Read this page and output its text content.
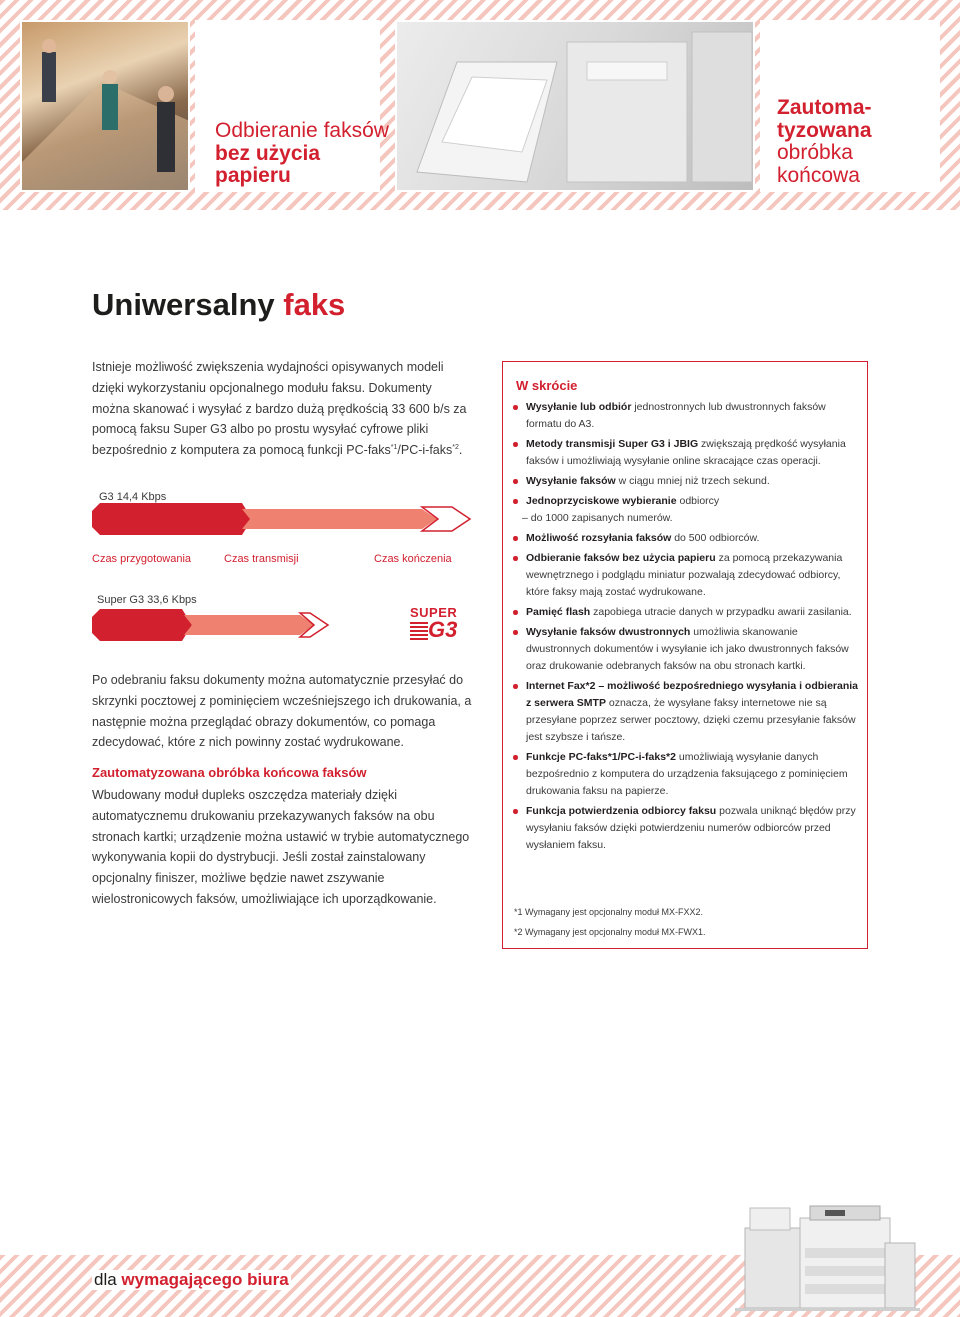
Odbieranie faksów
bez użycia
papieru
Zautoma-
tyzowana
obróbka
końcowa
Uniwersalny faks

Istnieje możliwość zwiększenia wydajności opisywanych modeli dzięki wykorzystaniu opcjonalnego modułu faksu. Dokumenty można skanować i wysyłać z bardzo dużą prędkością 33 600 b/s za pomocą faksu Super G3 albo po prostu wysyłać cyfrowe pliki bezpośrednio z komputera za pomocą funkcji PC-faks$^{*1}$/PC-i-faks$^{*2}$.

G3 14,4 Kbps
Czas przygotowania	Czas transmisji	Czas kończenia
Super G3 33,6 Kbps
SUPER
G3

Po odebraniu faksu dokumenty można automatycznie przesyłać do skrzynki pocztowej z pominięciem wcześniejszego ich drukowania, a następnie można przeglądać obrazy dokumentów, co pomaga zdecydować, które z nich powinny zostać wydrukowane.

Zautomatyzowana obróbka końcowa faksów

Wbudowany moduł dupleks oszczędza materiały dzięki automatycznemu drukowaniu przekazywanych faksów na obu stronach kartki; urządzenie można ustawić w trybie automatycznego wykonywania kopii do dystrybucji. Jeśli został zainstalowany opcjonalny finiszer, możliwe będzie nawet zszywanie wielostronicowych faksów, umożliwiające ich uporządkowanie.

W skrócie

Wysyłanie lub odbiór jednostronnych lub dwustronnych faksów formatu do A3.
Metody transmisji Super G3 i JBIG zwiększają prędkość wysyłania faksów i umożliwiają wysyłanie online skracające czas operacji.
Wysyłanie faksów w ciągu mniej niż trzech sekund.
Jednoprzyciskowe wybieranie odbiorcy
– do 1000 zapisanych numerów.
Możliwość rozsyłania faksów do 500 odbiorców.
Odbieranie faksów bez użycia papieru za pomocą przekazywania wewnętrznego i podglądu miniatur pozwalają zdecydować odbiorcy, które faksy mają zostać wydrukowane.
Pamięć flash zapobiega utracie danych w przypadku awarii zasilania.
Wysyłanie faksów dwustronnych umożliwia skanowanie dwustronnych dokumentów i wysyłanie ich jako dwustronnych faksów oraz drukowanie odebranych faksów na obu stronach kartki.
Internet Fax*2 – możliwość bezpośredniego wysyłania i odbierania z serwera SMTP oznacza, że wysyłane faksy internetowe nie są przesyłane poprzez serwer pocztowy, dzięki czemu przesyłanie faksów jest szybsze i tańsze.
Funkcje PC-faks*1/PC-i-faks*2 umożliwiają wysyłanie danych bezpośrednio z komputera do urządzenia faksującego z pominięciem drukowania faksu na papierze.
Funkcja potwierdzenia odbiorcy faksu pozwala uniknąć błędów przy wysyłaniu faksów dzięki potwierdzeniu numerów odbiorców przed wysłaniem faksu.
*1 Wymagany jest opcjonalny moduł MX-FXX2.
*2 Wymagany jest opcjonalny moduł MX-FWX1.
dla wymagającego biura
